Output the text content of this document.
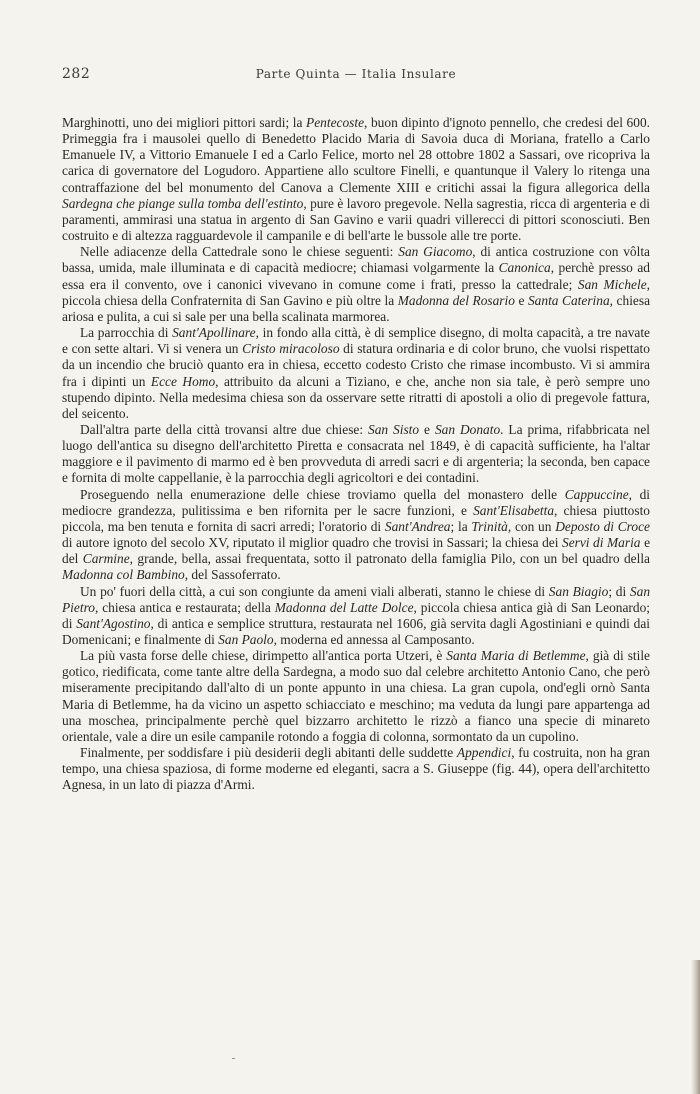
282	Parte Quinta — Italia Insulare

Marghinotti, uno dei migliori pittori sardi; la Pentecoste, buon dipinto d'ignoto pennello, che credesi del 600. Primeggia fra i mausolei quello di Benedetto Placido Maria di Savoia duca di Moriana, fratello a Carlo Emanuele IV, a Vittorio Emanuele I ed a Carlo Felice, morto nel 28 ottobre 1802 a Sassari, ove ricopriva la carica di governatore del Logudoro. Appartiene allo scultore Finelli, e quantunque il Valery lo ritenga una contraffazione del bel monumento del Canova a Clemente XIII e critichi assai la figura allegorica della Sardegna che piange sulla tomba dell'estinto, pure è lavoro pregevole. Nella sagrestia, ricca di argenteria e di paramenti, ammirasi una statua in argento di San Gavino e varii quadri villerecci di pittori sconosciuti. Ben costruito e di altezza ragguardevole il campanile e di bell'arte le bussole alle tre porte.

Nelle adiacenze della Cattedrale sono le chiese seguenti: San Giacomo, di antica costruzione con vôlta bassa, umida, male illuminata e di capacità mediocre; chiamasi volgarmente la Canonica, perchè presso ad essa era il convento, ove i canonici vivevano in comune come i frati, presso la cattedrale; San Michele, piccola chiesa della Confraternita di San Gavino e più oltre la Madonna del Rosario e Santa Caterina, chiesa ariosa e pulita, a cui si sale per una bella scalinata marmorea.

La parrocchia di Sant'Apollinare, in fondo alla città, è di semplice disegno, di molta capacità, a tre navate e con sette altari. Vi si venera un Cristo miracoloso di statura ordinaria e di color bruno, che vuolsi rispettato da un incendio che bruciò quanto era in chiesa, eccetto codesto Cristo che rimase incombusto. Vi si ammira fra i dipinti un Ecce Homo, attribuito da alcuni a Tiziano, e che, anche non sia tale, è però sempre uno stupendo dipinto. Nella medesima chiesa son da osservare sette ritratti di apostoli a olio di pregevole fattura, del seicento.

Dall'altra parte della città trovansi altre due chiese: San Sisto e San Donato. La prima, rifabbricata nel luogo dell'antica su disegno dell'architetto Piretta e consacrata nel 1849, è di capacità sufficiente, ha l'altar maggiore e il pavimento di marmo ed è ben provveduta di arredi sacri e di argenteria; la seconda, ben capace e fornita di molte cappellanie, è la parrocchia degli agricoltori e dei contadini.

Proseguendo nella enumerazione delle chiese troviamo quella del monastero delle Cappuccine, di mediocre grandezza, pulitissima e ben rifornita per le sacre funzioni, e Sant'Elisabetta, chiesa piuttosto piccola, ma ben tenuta e fornita di sacri arredi; l'oratorio di Sant'Andrea; la Trinità, con un Deposto di Croce di autore ignoto del secolo XV, riputato il miglior quadro che trovisi in Sassari; la chiesa dei Servi di Maria e del Carmine, grande, bella, assai frequentata, sotto il patronato della famiglia Pilo, con un bel quadro della Madonna col Bambino, del Sassoferrato.

Un po' fuori della città, a cui son congiunte da ameni viali alberati, stanno le chiese di San Biagio; di San Pietro, chiesa antica e restaurata; della Madonna del Latte Dolce, piccola chiesa antica già di San Leonardo; di Sant'Agostino, di antica e semplice struttura, restaurata nel 1606, già servita dagli Agostiniani e quindi dai Domenicani; e finalmente di San Paolo, moderna ed annessa al Camposanto.

La più vasta forse delle chiese, dirimpetto all'antica porta Utzeri, è Santa Maria di Betlemme, già di stile gotico, riedificata, come tante altre della Sardegna, a modo suo dal celebre architetto Antonio Cano, che però miseramente precipitando dall'alto di un ponte appunto in una chiesa. La gran cupola, ond'egli ornò Santa Maria di Betlemme, ha da vicino un aspetto schiacciato e meschino; ma veduta da lungi pare appartenga ad una moschea, principalmente perchè quel bizzarro architetto le rizzò a fianco una specie di minareto orientale, vale a dire un esile campanile rotondo a foggia di colonna, sormontato da un cupolino.

Finalmente, per soddisfare i più desiderii degli abitanti delle suddette Appendici, fu costruita, non ha gran tempo, una chiesa spaziosa, di forme moderne ed eleganti, sacra a S. Giuseppe (fig. 44), opera dell'architetto Agnesa, in un lato di piazza d'Armi.
